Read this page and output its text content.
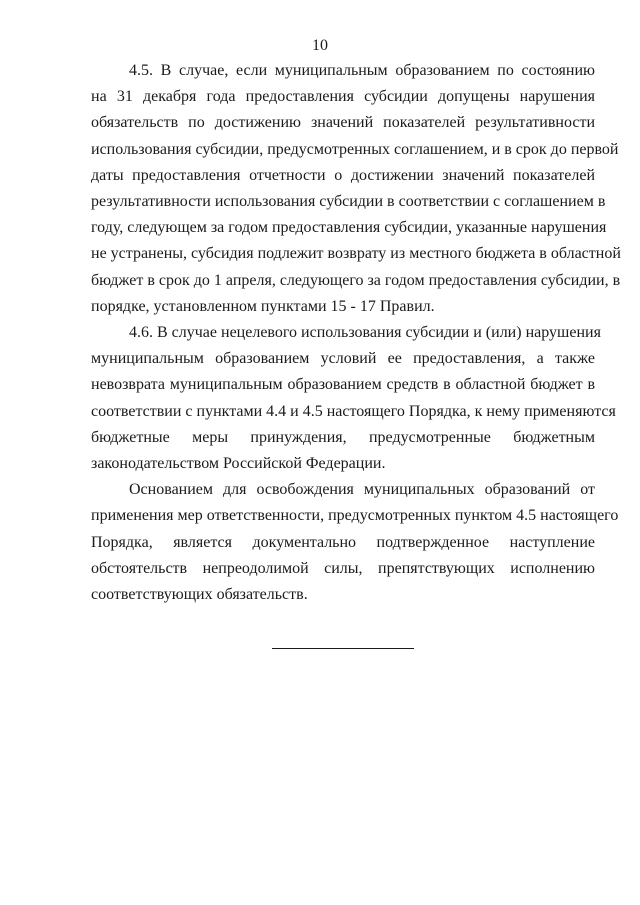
10
4.5. В случае, если муниципальным образованием по состоянию
на 31 декабря года предоставления субсидии допущены нарушения
обязательств по достижению значений показателей результативности
использования субсидии, предусмотренных соглашением, и в срок до первой
даты предоставления отчетности о достижении значений показателей
результативности использования субсидии в соответствии с соглашением в
году, следующем за годом предоставления субсидии, указанные нарушения
не устранены, субсидия подлежит возврату из местного бюджета в областной
бюджет в срок до 1 апреля, следующего за годом предоставления субсидии, в
порядке, установленном пунктами 15 - 17 Правил.
4.6. В случае нецелевого использования субсидии и (или) нарушения
муниципальным образованием условий ее предоставления, а также
невозврата муниципальным образованием средств в областной бюджет в
соответствии с пунктами 4.4 и 4.5 настоящего Порядка, к нему применяются
бюджетные меры принуждения, предусмотренные бюджетным
законодательством Российской Федерации.
Основанием для освобождения муниципальных образований от
применения мер ответственности, предусмотренных пунктом 4.5 настоящего
Порядка, является документально подтвержденное наступление
обстоятельств непреодолимой силы, препятствующих исполнению
соответствующих обязательств.
